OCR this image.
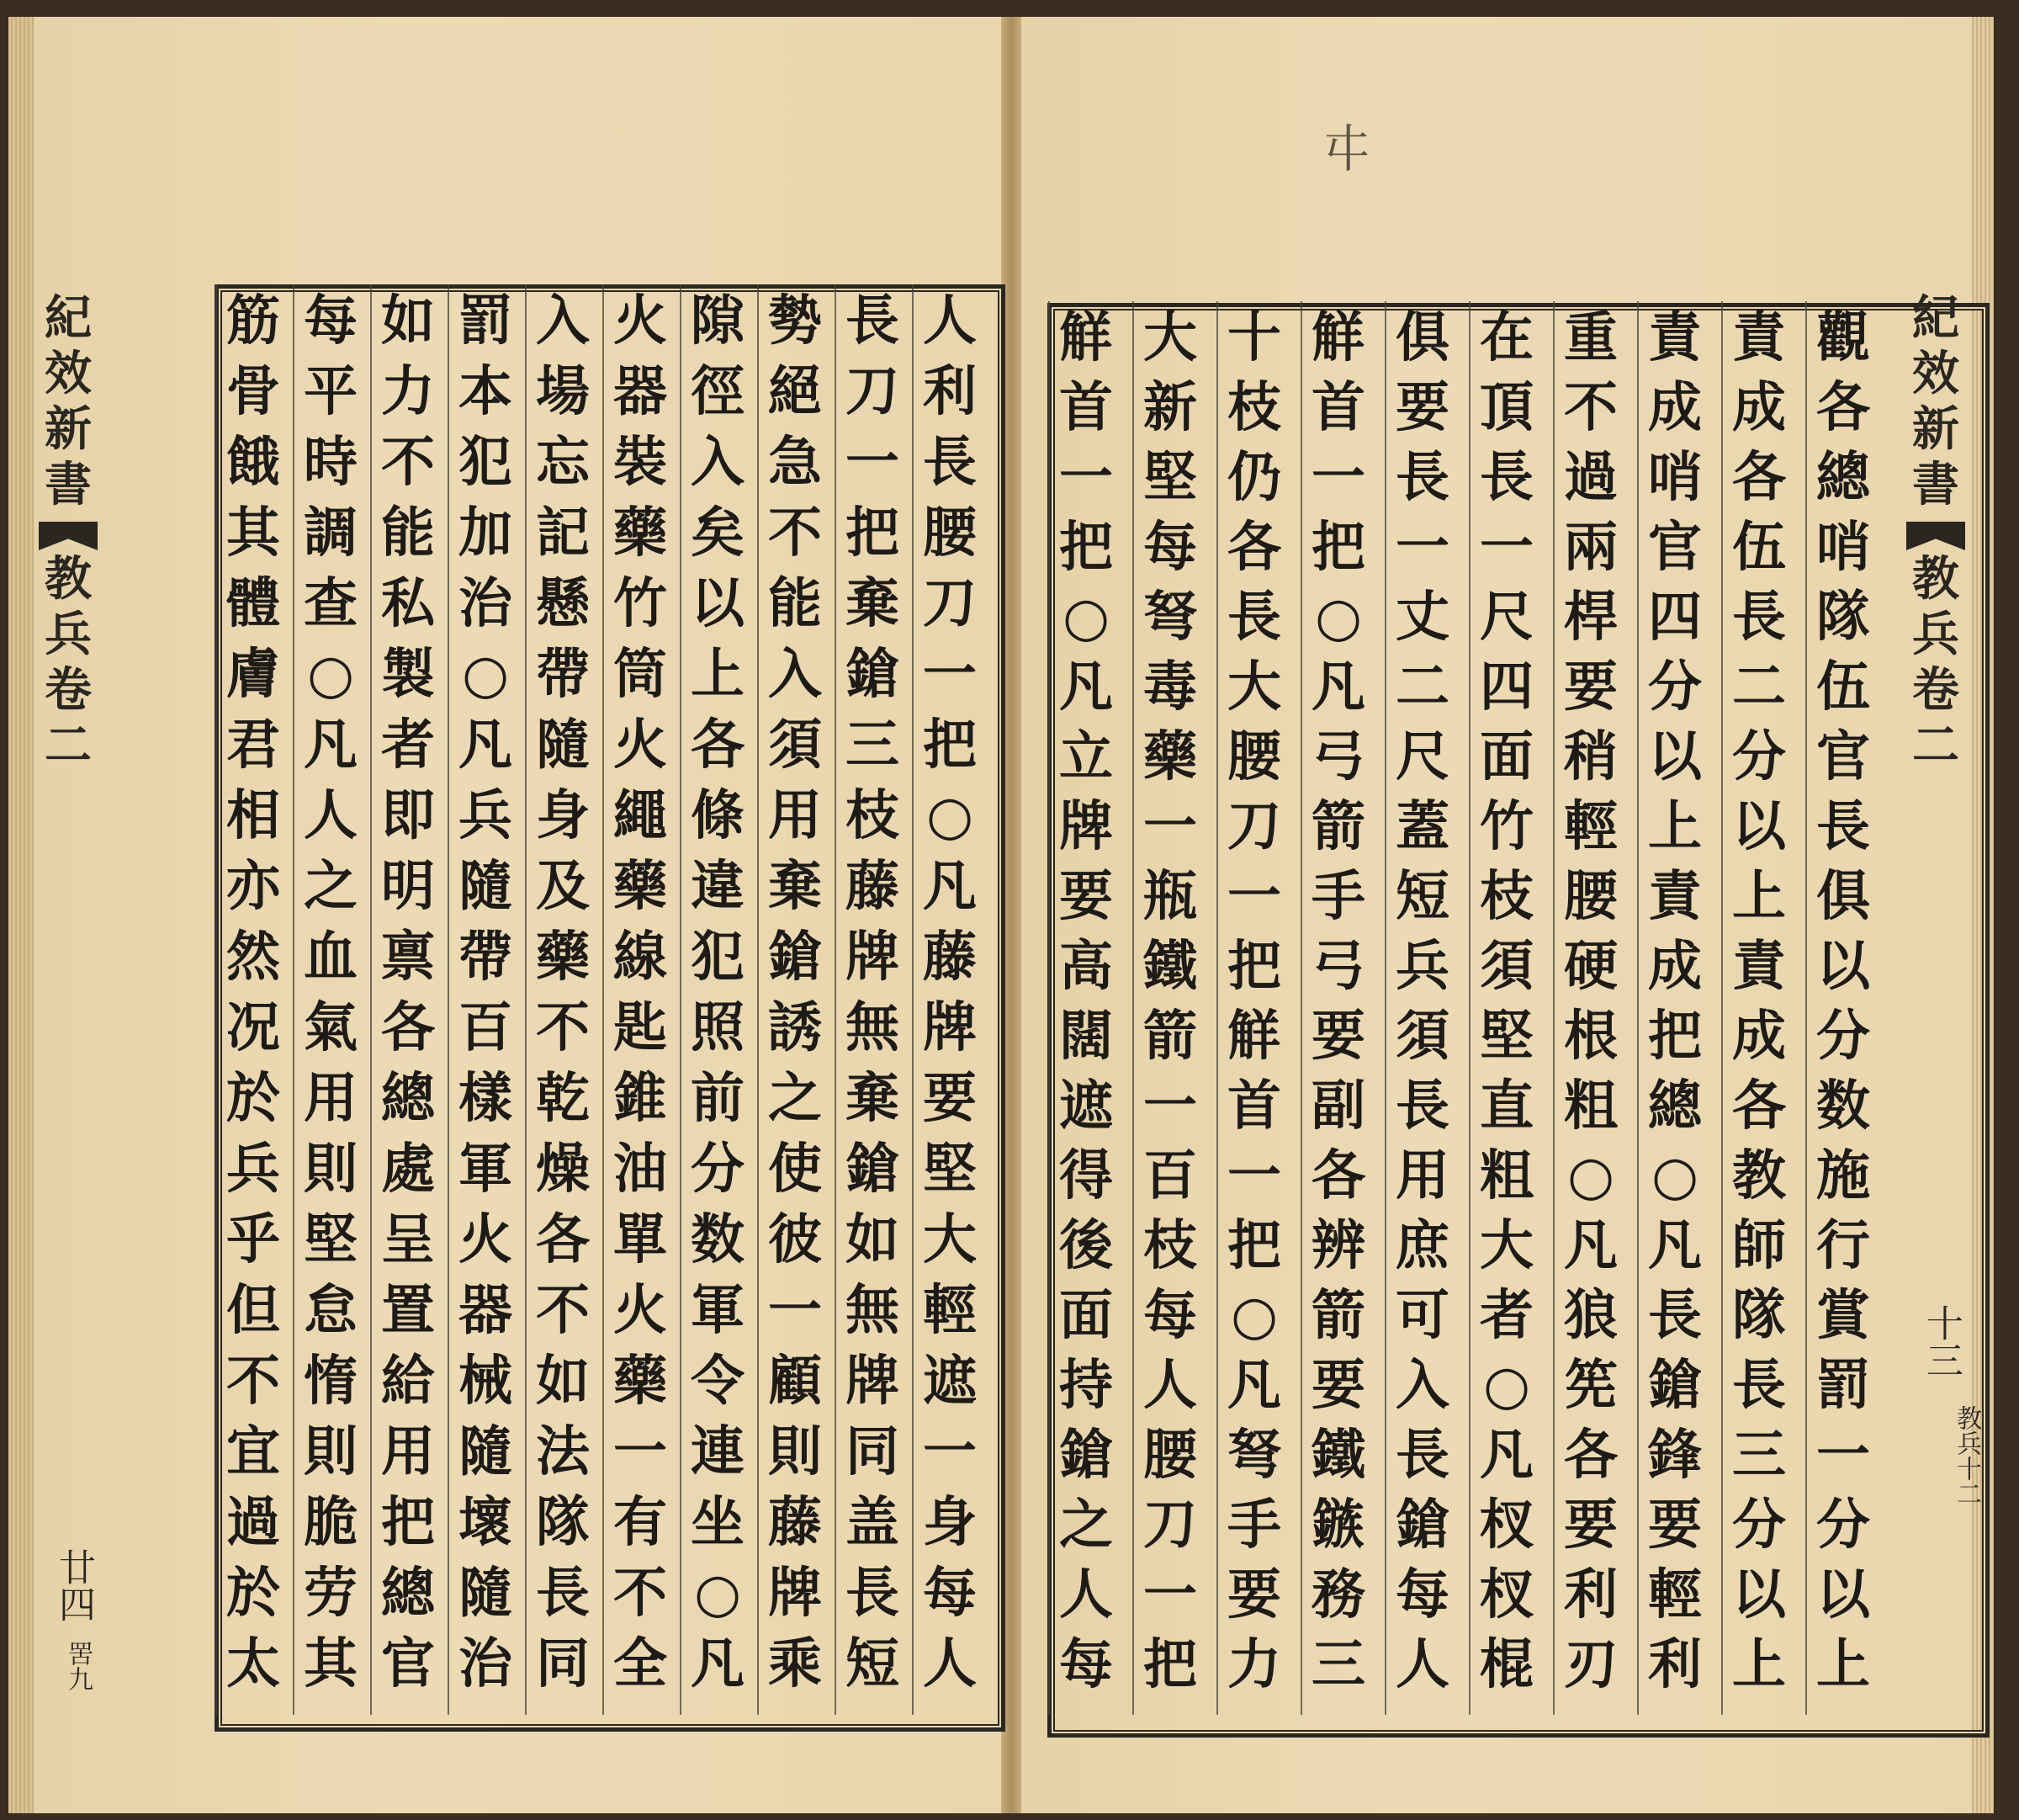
㐄
紀
效
新
書
教
兵
卷
二
廿四
罟九
紀
效
新
書
教
兵
卷
二
十三
教兵十二
人
利
長
腰
刀
一
把
○
凡
藤
牌
要
堅
大
輕
遮
一
身
每
人
長
刀
一
把
棄
鎗
三
枝
藤
牌
無
棄
鎗
如
無
牌
同
盖
長
短
勢
絕
急
不
能
入
須
用
棄
鎗
誘
之
使
彼
一
顧
則
藤
牌
乘
隙
徑
入
矣
以
上
各
條
違
犯
照
前
分
数
軍
令
連
坐
○
凡
火
器
裝
藥
竹
筒
火
繩
藥
線
匙
錐
油
單
火
藥
一
有
不
全
入
場
忘
記
懸
帶
隨
身
及
藥
不
乾
燥
各
不
如
法
隊
長
同
罰
本
犯
加
治
○
凡
兵
隨
帶
百
樣
軍
火
器
械
隨
壞
隨
治
如
力
不
能
私
製
者
即
明
禀
各
總
處
呈
置
給
用
把
總
官
每
平
時
調
查
○
凡
人
之
血
氣
用
則
堅
怠
惰
則
脆
劳
其
筋
骨
餓
其
體
膚
君
相
亦
然
况
於
兵
乎
但
不
宜
過
於
太
觀
各
總
哨
隊
伍
官
長
俱
以
分
数
施
行
賞
罰
一
分
以
上
責
成
各
伍
長
二
分
以
上
責
成
各
教
師
隊
長
三
分
以
上
責
成
哨
官
四
分
以
上
責
成
把
總
○
凡
長
鎗
鋒
要
輕
利
重
不
過
兩
桿
要
稍
輕
腰
硬
根
粗
○
凡
狼
筅
各
要
利
刃
在
頂
長
一
尺
四
面
竹
枝
須
堅
直
粗
大
者
○
凡
杈
杈
棍
俱
要
長
一
丈
二
尺
蓋
短
兵
須
長
用
庶
可
入
長
鎗
每
人
觧
首
一
把
○
凡
弓
箭
手
弓
要
副
各
辨
箭
要
鐵
鏃
務
三
十
枝
仍
各
長
大
腰
刀
一
把
觧
首
一
把
○
凡
弩
手
要
力
大
新
堅
每
弩
毒
藥
一
瓶
鐵
箭
一
百
枝
每
人
腰
刀
一
把
觧
首
一
把
○
凡
立
牌
要
高
闊
遮
得
後
面
持
鎗
之
人
每
